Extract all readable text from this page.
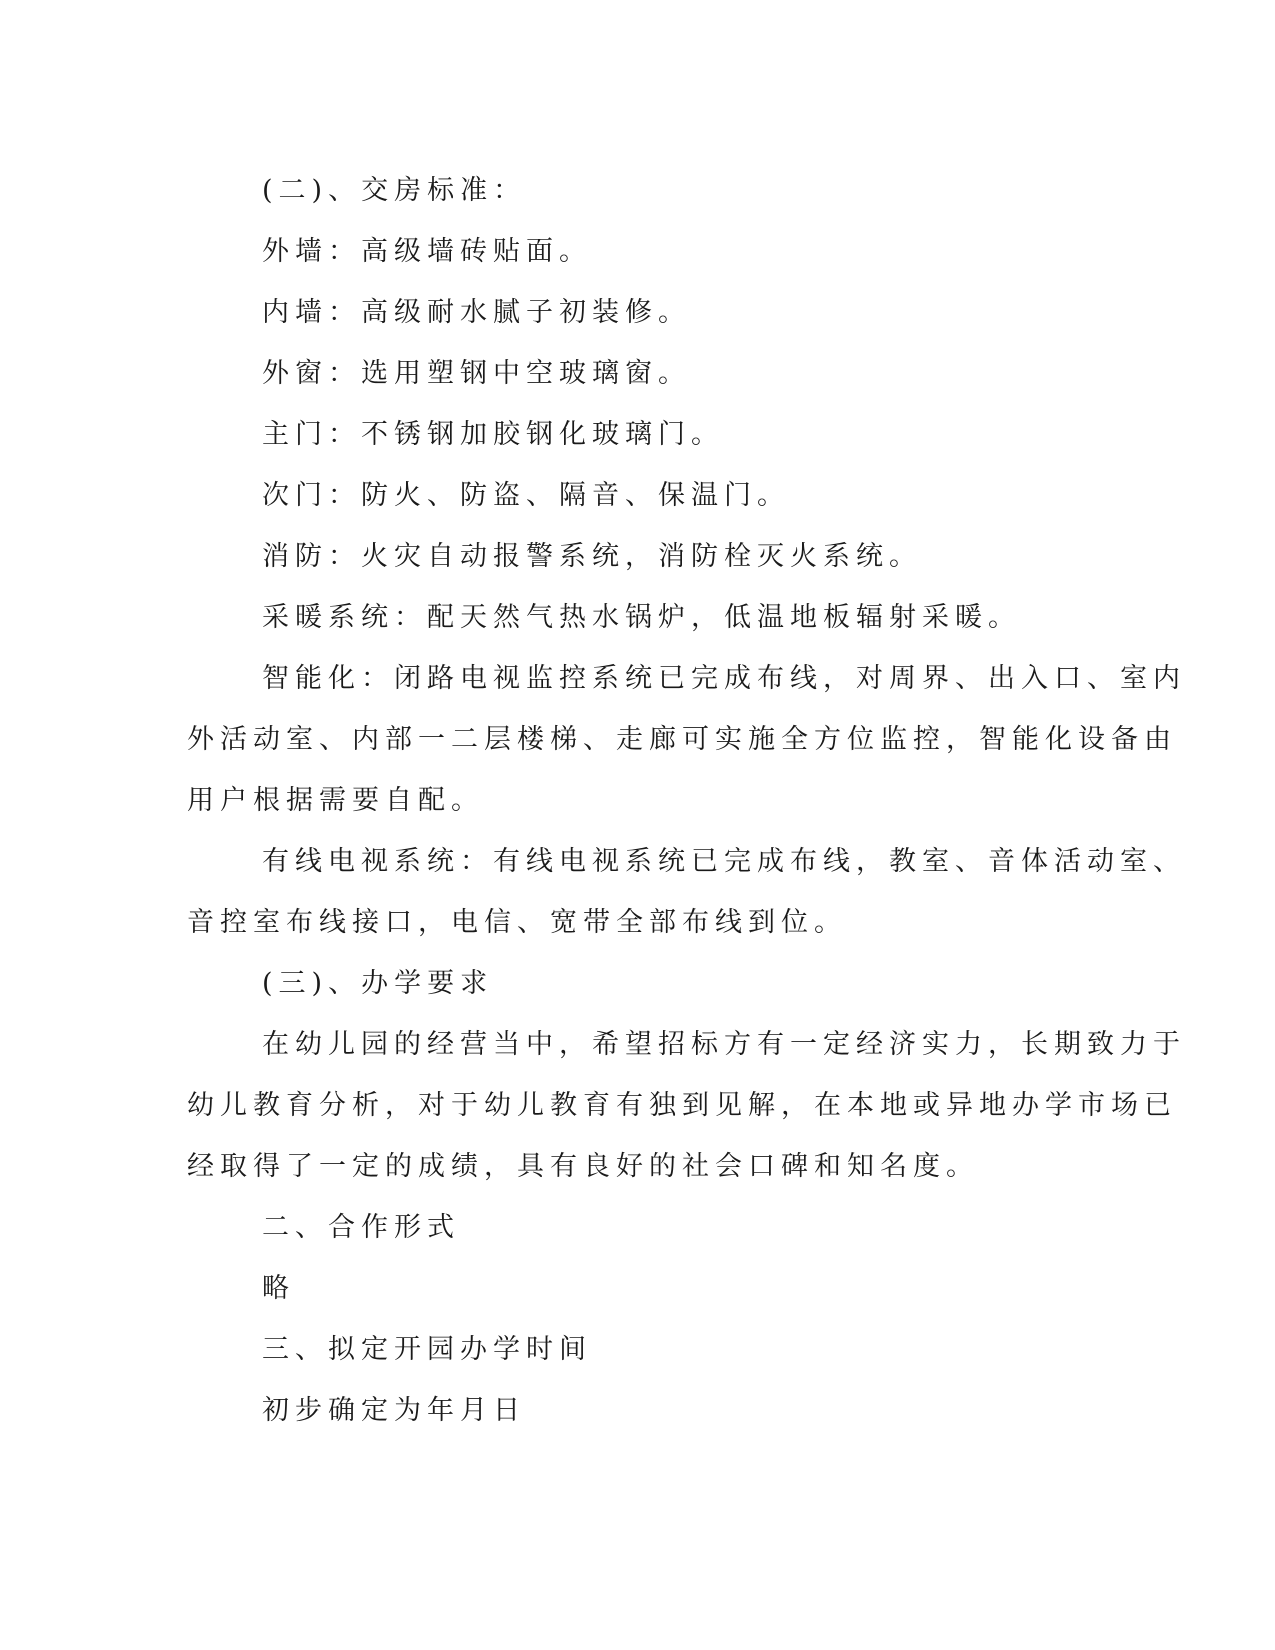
(二)、交房标准：
外墙：高级墙砖贴面。
内墙：高级耐水腻子初装修。
外窗：选用塑钢中空玻璃窗。
主门：不锈钢加胶钢化玻璃门。
次门：防火、防盗、隔音、保温门。
消防：火灾自动报警系统，消防栓灭火系统。
采暖系统：配天然气热水锅炉，低温地板辐射采暖。
智能化：闭路电视监控系统已完成布线，对周界、出入口、室内
外活动室、内部一二层楼梯、走廊可实施全方位监控，智能化设备由
用户根据需要自配。
有线电视系统：有线电视系统已完成布线，教室、音体活动室、
音控室布线接口，电信、宽带全部布线到位。
(三)、办学要求
在幼儿园的经营当中，希望招标方有一定经济实力，长期致力于
幼儿教育分析，对于幼儿教育有独到见解，在本地或异地办学市场已
经取得了一定的成绩，具有良好的社会口碑和知名度。
二、合作形式
略
三、拟定开园办学时间
初步确定为年月日
